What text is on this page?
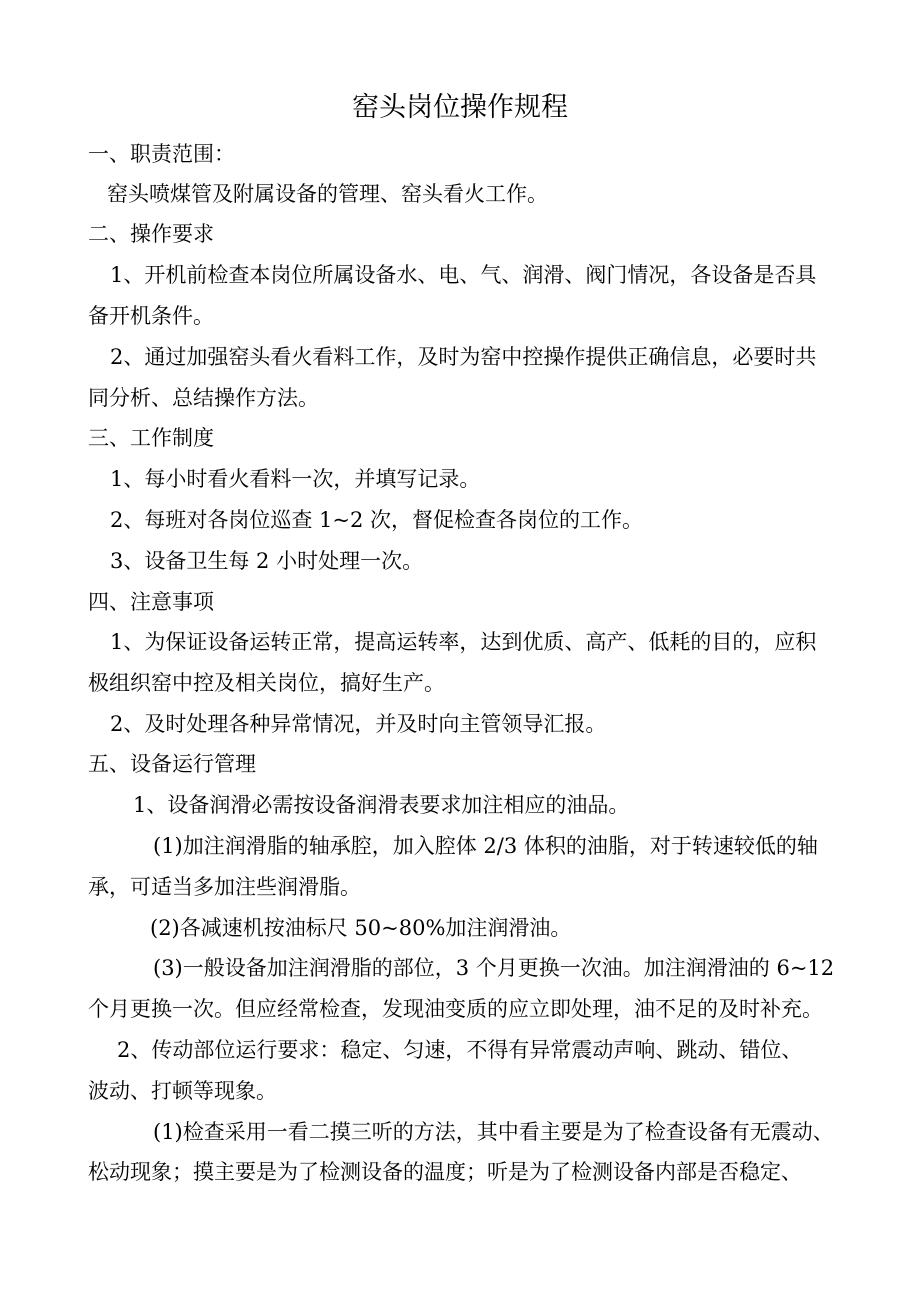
窑头岗位操作规程
一、职责范围：
窑头喷煤管及附属设备的管理、窑头看火工作。
二、操作要求
1、开机前检查本岗位所属设备水、电、气、润滑、阀门情况，各设备是否具
备开机条件。
2、通过加强窑头看火看料工作，及时为窑中控操作提供正确信息，必要时共
同分析、总结操作方法。
三、工作制度
1、每小时看火看料一次，并填写记录。
2、每班对各岗位巡查 1~2 次，督促检查各岗位的工作。
3、设备卫生每 2 小时处理一次。
四、注意事项
1、为保证设备运转正常，提高运转率，达到优质、高产、低耗的目的，应积
极组织窑中控及相关岗位，搞好生产。
2、及时处理各种异常情况，并及时向主管领导汇报。
五、设备运行管理
1、设备润滑必需按设备润滑表要求加注相应的油品。
(1)加注润滑脂的轴承腔，加入腔体 2/3 体积的油脂，对于转速较低的轴
承，可适当多加注些润滑脂。
(2)各减速机按油标尺 50~80%加注润滑油。
(3)一般设备加注润滑脂的部位，3 个月更换一次油。加注润滑油的 6~12
个月更换一次。但应经常检查，发现油变质的应立即处理，油不足的及时补充。
2、传动部位运行要求：稳定、匀速，不得有异常震动声响、跳动、错位、
波动、打顿等现象。
(1)检查采用一看二摸三听的方法，其中看主要是为了检查设备有无震动、
松动现象；摸主要是为了检测设备的温度；听是为了检测设备内部是否稳定、
